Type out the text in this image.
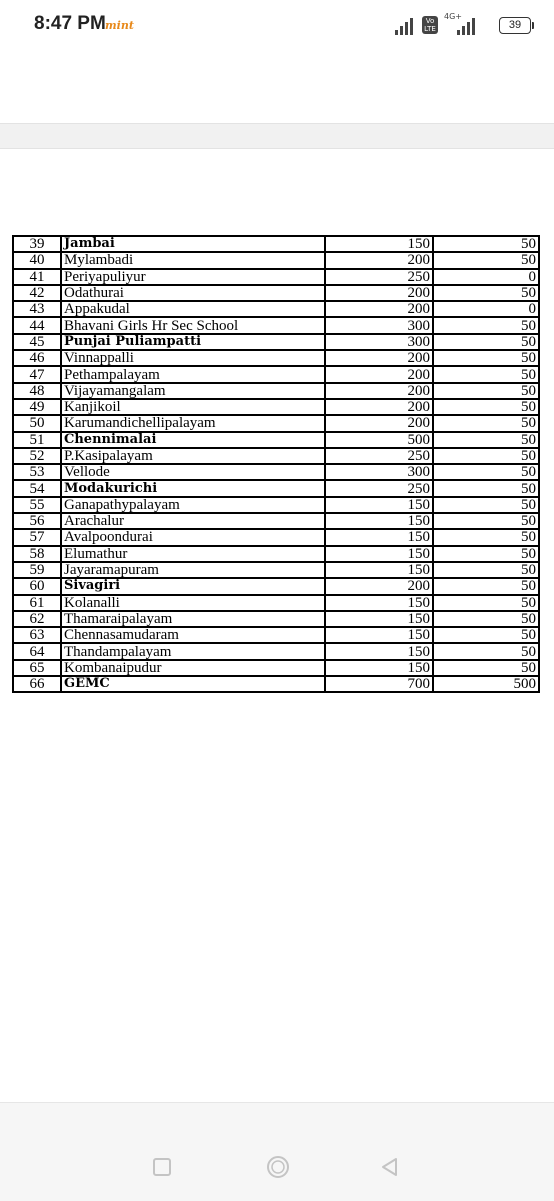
8:47 PM mint	Vo LTE
4G+
39
39	Jambai	150	50
40	Mylambadi	200	50
41	Periyapuliyur	250	0
42	Odathurai	200	50
43	Appakudal	200	0
44	Bhavani Girls Hr Sec School	300	50
45	Punjai Puliampatti	300	50
46	Vinnappalli	200	50
47	Pethampalayam	200	50
48	Vijayamangalam	200	50
49	Kanjikoil	200	50
50	Karumandichellipalayam	200	50
51	Chennimalai	500	50
52	P.Kasipalayam	250	50
53	Vellode	300	50
54	Modakurichi	250	50
55	Ganapathypalayam	150	50
56	Arachalur	150	50
57	Avalpoondurai	150	50
58	Elumathur	150	50
59	Jayaramapuram	150	50
60	Sivagiri	200	50
61	Kolanalli	150	50
62	Thamaraipalayam	150	50
63	Chennasamudaram	150	50
64	Thandampalayam	150	50
65	Kombanaipudur	150	50
66	GEMC	700	500
